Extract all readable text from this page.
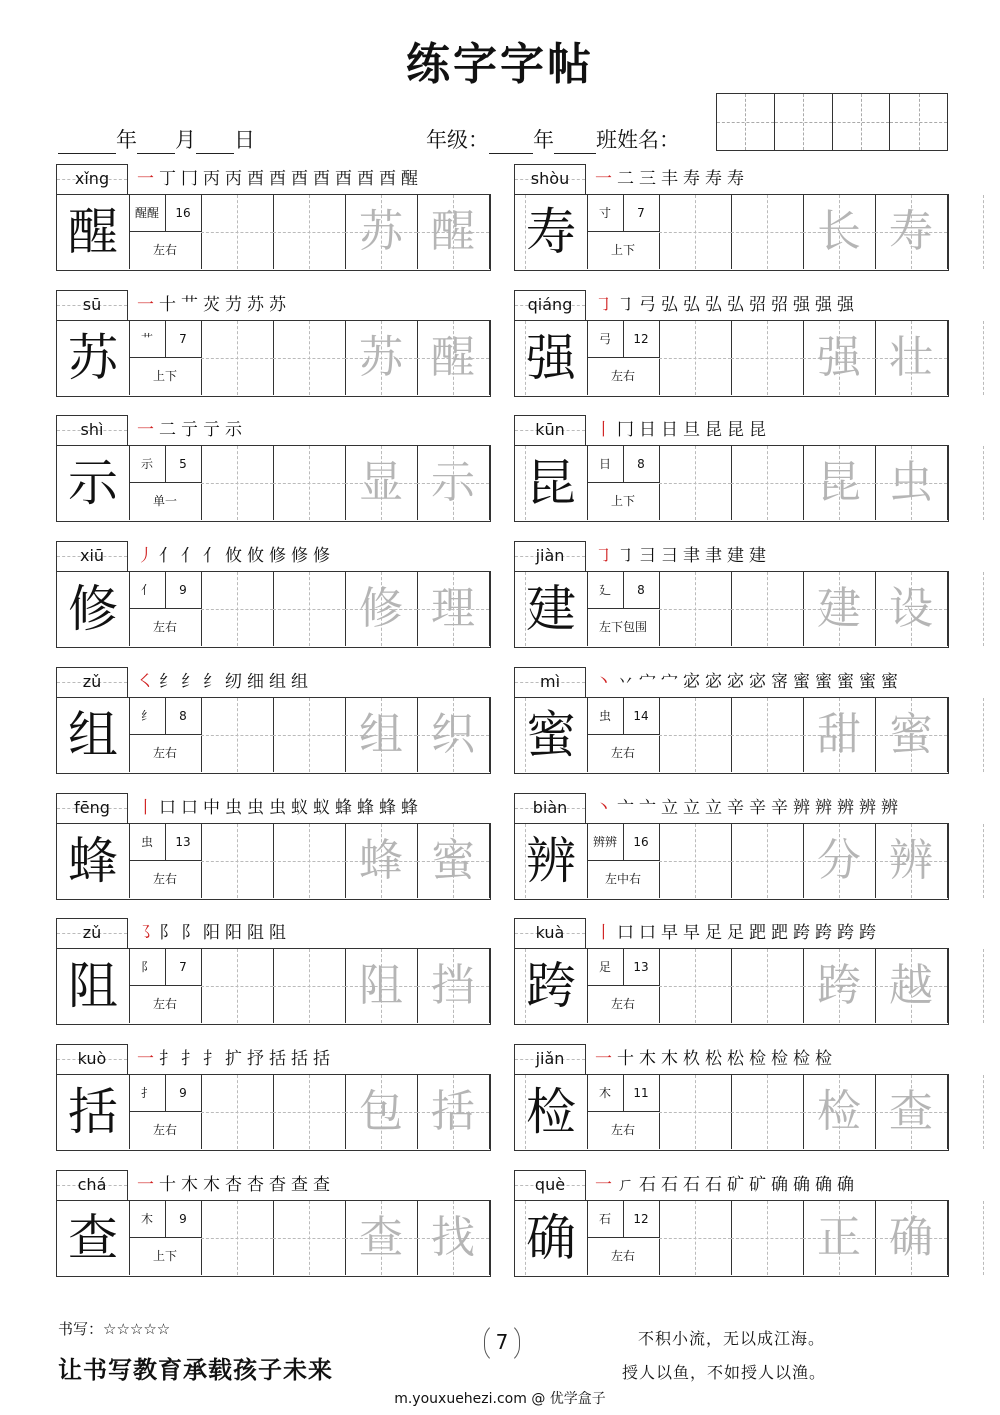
练字字帖
年 月 日	年级： 年 班姓名：
xǐng	一 丁 冂 丙 丙 酉 酉 酉 酉 酉 酉 酉 醒
醒	醒醒	16
左右	苏 醒
shòu	一 二 三 丰 寿 寿 寿
寿	寸	7
上下	长 寿
sū	一 十 艹 苂 芀 苏 苏
苏	艹	7
上下	苏 醒
qiáng	㇆ ㇆ 弓 弘 弘 弘 弘 弨 弨 强 强 强
强	弓	12
左右	强 壮
shì	一 二 亍 亍 示
示	示	5
单一	显 示
kūn	丨 冂 日 日 旦 昆 昆 昆
昆	日	8
上下	昆 虫
xiū	丿 亻 亻 亻 攸 攸 修 修 修
修	亻	9
左右	修 理
jiàn	㇆ ㇆ 彐 彐 聿 聿 建 建
建	廴	8
左下包围	建 设
zǔ	㇛ 纟 纟 纟 纫 细 组 组
组	纟	8
左右	组 织
mì	丶 丷 宀 宀 宓 宓 宓 宓 宻 蜜 蜜 蜜 蜜 蜜
蜜	虫	14
左右	甜 蜜
fēng	丨 口 口 中 虫 虫 虫 蚁 蚁 蜂 蜂 蜂 蜂
蜂	虫	13
左右	蜂 蜜
biàn	丶 亠 亠 立 立 立 辛 辛 辛 辨 辨 辨 辨 辨
辨	辨辨	16
左中右	分 辨
zǔ	㇌ 阝 阝 阳 阳 阻 阻
阻	阝	7
左右	阻 挡
kuà	丨 口 口 早 早 足 足 跁 跁 跨 跨 跨 跨
跨	足	13
左右	跨 越
kuò	一 扌 扌 扌 扩 抒 括 括 括
括	扌	9
左右	包 括
jiǎn	一 十 木 木 杦 松 松 检 检 检 检
检	木	11
左右	检 查
chá	一 十 木 木 杏 杏 杳 查 查
查	木	9
上下	查 找
què	一 ㄏ 石 石 石 石 矿 矿 确 确 确 确
确	石	12
左右	正 确
书写：☆☆☆☆☆
让书写教育承载孩子未来
7	不积小流，无以成江海。
授人以鱼，不如授人以渔。
m.youxuehezi.com @ 优学盒子
